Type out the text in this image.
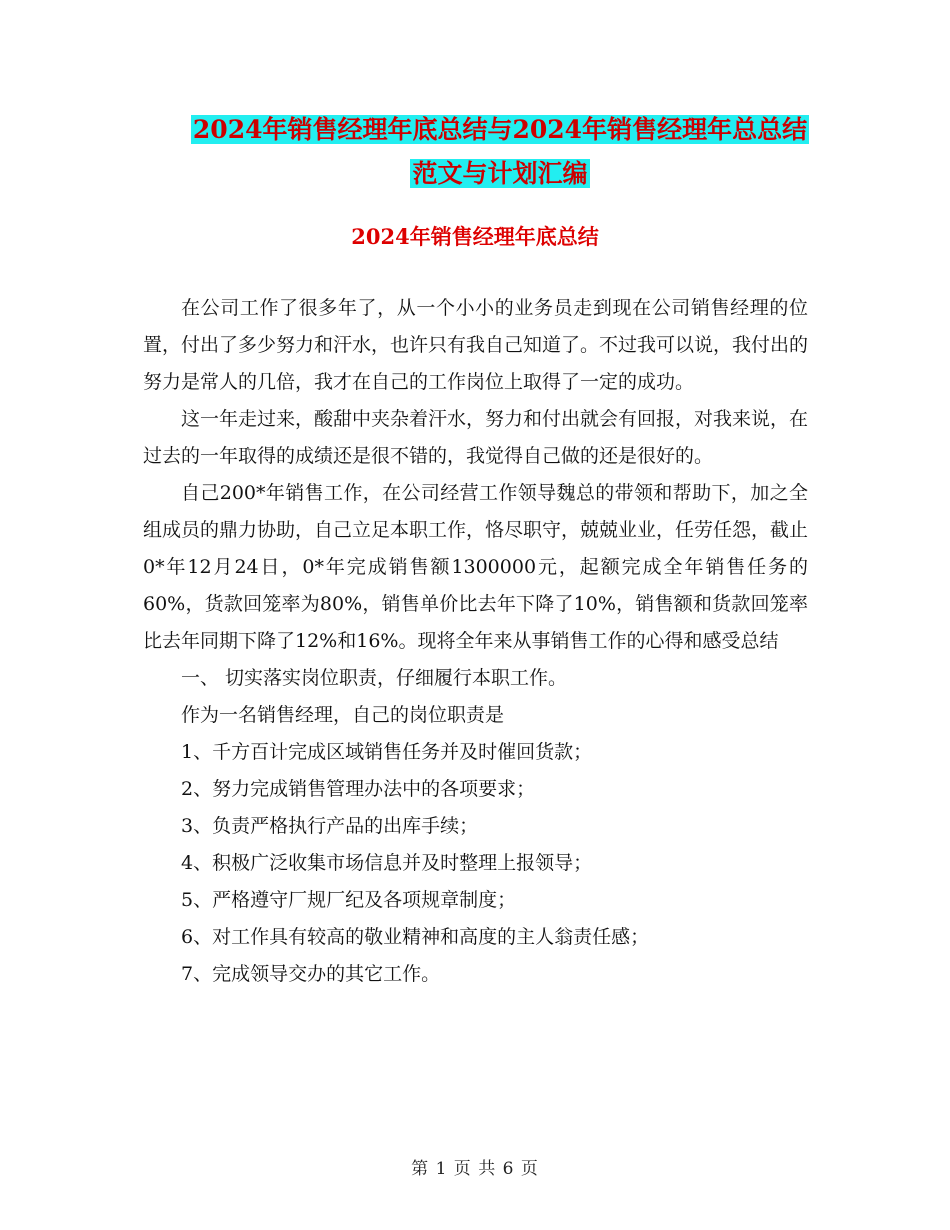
2024年销售经理年底总结与2024年销售经理年总总结
范文与计划汇编
2024年销售经理年底总结

在公司工作了很多年了，从一个小小的业务员走到现在公司销售经理的位置，付出了多少努力和汗水，也许只有我自己知道了。不过我可以说，我付出的努力是常人的几倍，我才在自己的工作岗位上取得了一定的成功。

这一年走过来，酸甜中夹杂着汗水，努力和付出就会有回报，对我来说，在过去的一年取得的成绩还是很不错的，我觉得自己做的还是很好的。

自己200*年销售工作，在公司经营工作领导魏总的带领和帮助下，加之全组成员的鼎力协助，自己立足本职工作，恪尽职守，兢兢业业，任劳任怨，截止0*年12月24日，0*年完成销售额1300000元，起额完成全年销售任务的60%，货款回笼率为80%，销售单价比去年下降了10%，销售额和货款回笼率比去年同期下降了12%和16%。现将全年来从事销售工作的心得和感受总结

一、 切实落实岗位职责，仔细履行本职工作。
作为一名销售经理，自己的岗位职责是
1、千方百计完成区域销售任务并及时催回货款；
2、努力完成销售管理办法中的各项要求；
3、负责严格执行产品的出库手续；
4、积极广泛收集市场信息并及时整理上报领导；
5、严格遵守厂规厂纪及各项规章制度；
6、对工作具有较高的敬业精神和高度的主人翁责任感；
7、完成领导交办的其它工作。
第 1 页 共 6 页
